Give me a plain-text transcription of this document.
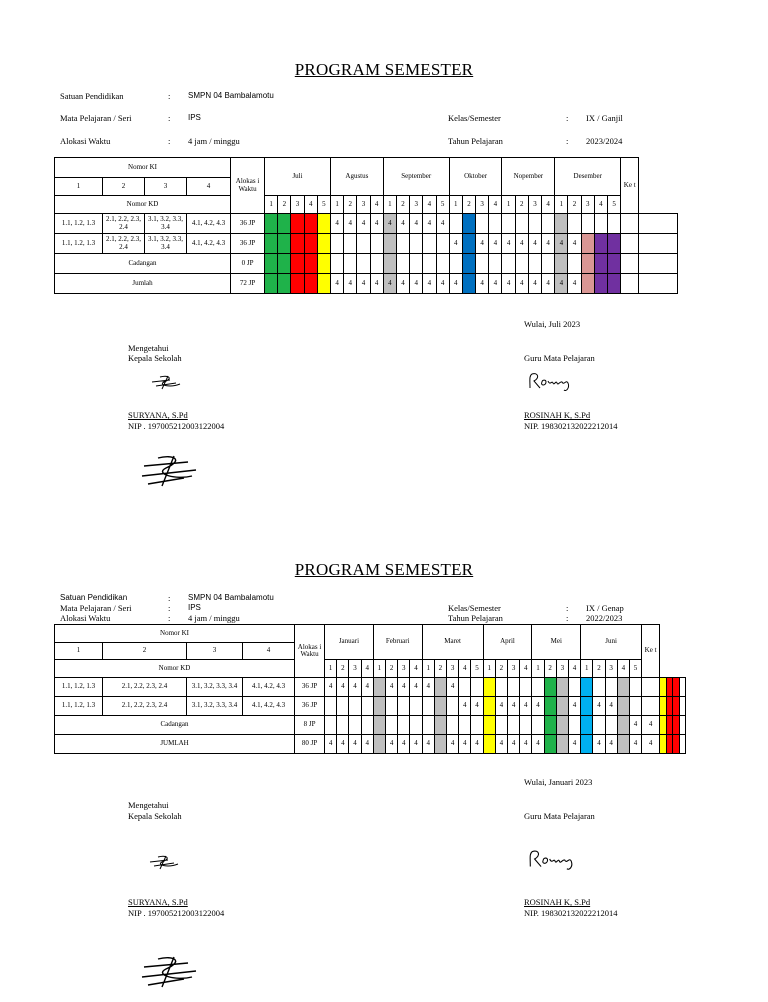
PROGRAM SEMESTER
Satuan Pendidikan	: SMPN 04 Bambalamotu
Mata Pelajaran / Seri	: IPS
Alokasi Waktu	: 4 jam / minggu
Kelas/Semester	: IX / Ganjil
Tahun Pelajaran	: 2023/2024
Nomor KI				Alokas i Waktu	Juli					Agustus				September					Oktober				Nopember				Desember					Ke t	
1	2	3	4																														
Nomor KD					1	2	3	4	5	1	2	3	4	1	2	3	4	5	1	2	3	4	1	2	3	4	1	2	3	4	5		
1.1, 1.2, 1.3	2.1, 2.2, 2.3, 2.4	3.1, 3.2, 3.3, 3.4	4.1, 4.2, 4.3	36 JP						4	4	4	4	4	4	4	4	4															
1.1, 1.2, 1.3	2.1, 2.2, 2.3, 2.4	3.1, 3.2, 3.3, 3.4	4.1, 4.2, 4.3	36 JP															4		4	4	4	4	4	4	4	4					
Cadangan				0 JP																													
Jumlah				72 JP						4	4	4	4	4	4	4	4	4	4		4	4	4	4	4	4	4	4					
Wulai, Juli 2023
Mengetahui
Kepala Sekolah	Guru Mata Pelajaran
SURYANA, S.Pd
NIP . 197005212003122004
ROSINAH K, S.Pd
NIP. 198302132022212014
PROGRAM SEMESTER
Satuan Pendidikan	: SMPN 04 Bambalamotu
Mata Pelajaran / Seri	: IPS
Alokasi Waktu	: 4 jam / minggu
Kelas/Semester	: IX / Genap
Tahun Pelajaran	: 2022/2023
Nomor KI				Alokas i Waktu	Januari				Februari				Maret					April				Mei				Juni					Ke t				
1	2	3	4																																
Nomor KD					1	2	3	4	1	2	3	4	1	2	3	4	5	1	2	3	4	1	2	3	4	1	2	3	4	5					
1.1, 1.2, 1.3	2.1, 2.2, 2.3, 2.4	3.1, 3.2, 3.3, 3.4	4.1, 4.2, 4.3	36 JP	4	4	4	4		4	4	4	4		4																				
1.1, 1.2, 1.3	2.1, 2.2, 2.3, 2.4	3.1, 3.2, 3.3, 3.4	4.1, 4.2, 4.3	36 JP												4	4		4	4	4	4			4		4	4							
Cadangan				8 JP																										4	4				
JUMLAH				80 JP	4	4	4	4		4	4	4	4		4	4	4		4	4	4	4			4		4	4		4	4				
Wulai, Januari 2023
Mengetahui
Kepala Sekolah	Guru Mata Pelajaran
SURYANA, S.Pd
NIP . 197005212003122004
ROSINAH K, S.Pd
NIP. 198302132022212014
